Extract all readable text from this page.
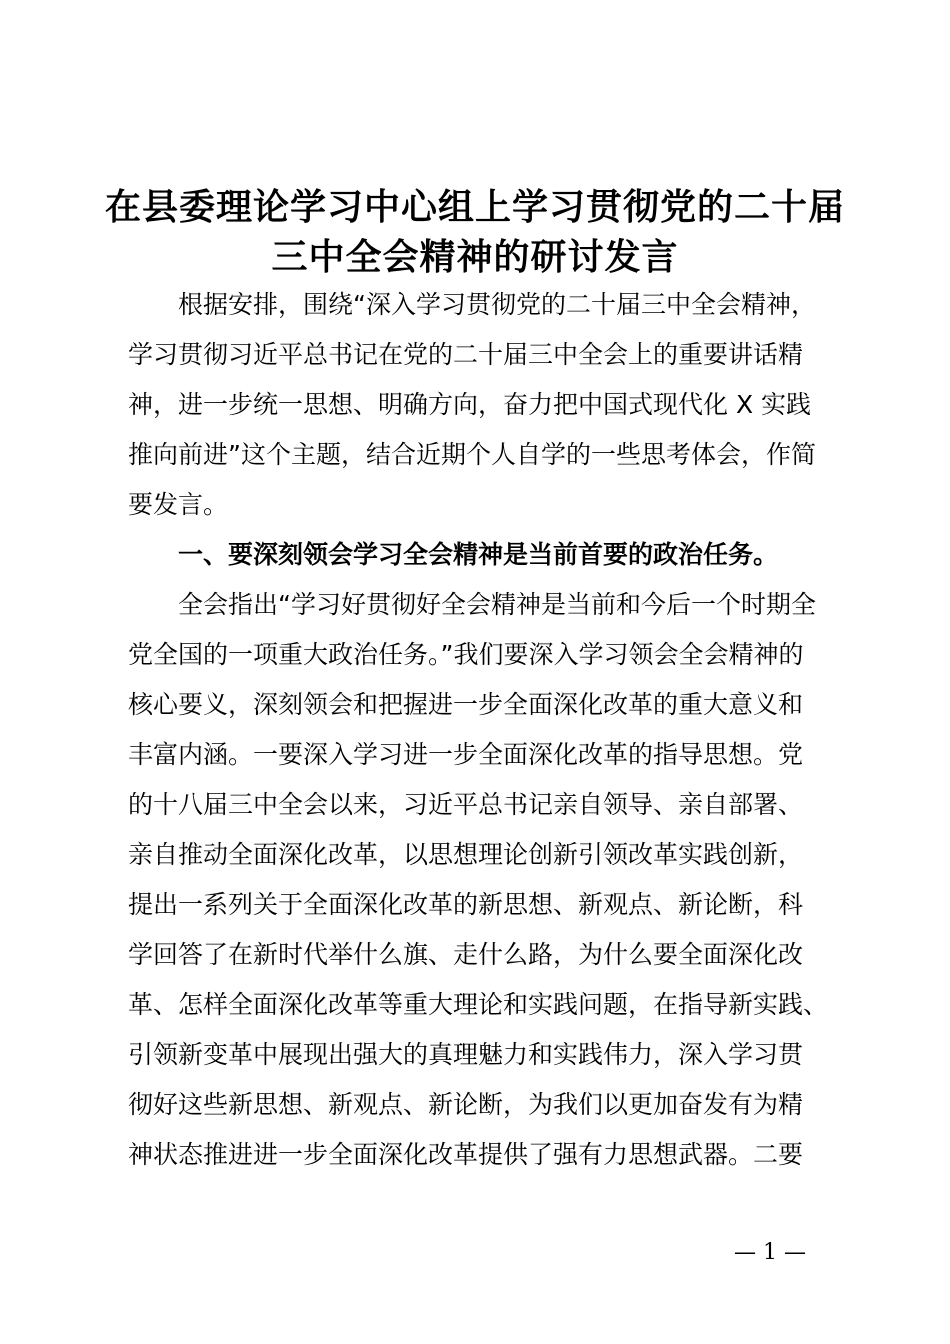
在县委理论学习中心组上学习贯彻党的二十届
三中全会精神的研讨发言
根据安排，围绕“深入学习贯彻党的二十届三中全会精神，
学习贯彻习近平总书记在党的二十届三中全会上的重要讲话精
神，进一步统一思想、明确方向，奋力把中国式现代化 X 实践
推向前进”这个主题，结合近期个人自学的一些思考体会，作简
要发言。
一、要深刻领会学习全会精神是当前首要的政治任务。
全会指出“学习好贯彻好全会精神是当前和今后一个时期全
党全国的一项重大政治任务。”我们要深入学习领会全会精神的
核心要义，深刻领会和把握进一步全面深化改革的重大意义和
丰富内涵。一要深入学习进一步全面深化改革的指导思想。党
的十八届三中全会以来，习近平总书记亲自领导、亲自部署、
亲自推动全面深化改革，以思想理论创新引领改革实践创新，
提出一系列关于全面深化改革的新思想、新观点、新论断，科
学回答了在新时代举什么旗、走什么路，为什么要全面深化改
革、怎样全面深化改革等重大理论和实践问题，在指导新实践、
引领新变革中展现出强大的真理魅力和实践伟力，深入学习贯
彻好这些新思想、新观点、新论断，为我们以更加奋发有为精
神状态推进进一步全面深化改革提供了强有力思想武器。二要
— 1 —
